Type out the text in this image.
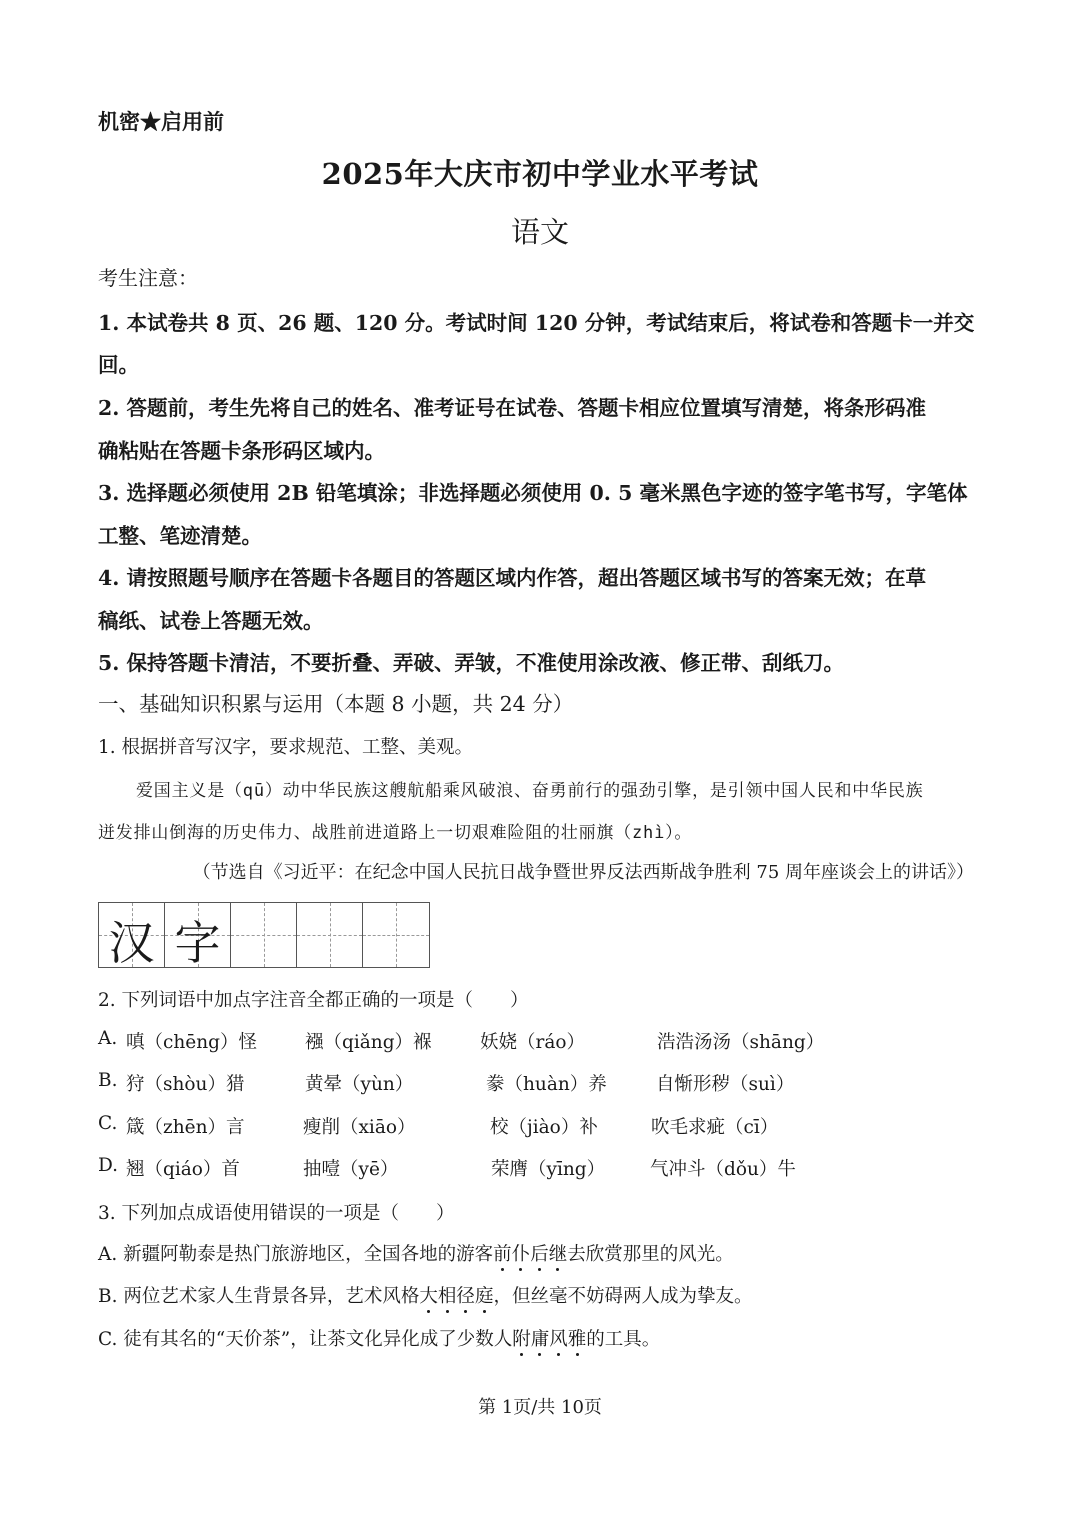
机密★启用前
2025年大庆市初中学业水平考试
语文
考生注意：
1. 本试卷共 8 页、26 题、120 分。考试时间 120 分钟，考试结束后，将试卷和答题卡一并交
回。
2. 答题前，考生先将自己的姓名、准考证号在试卷、答题卡相应位置填写清楚，将条形码准
确粘贴在答题卡条形码区域内。
3. 选择题必须使用 2B 铅笔填涂；非选择题必须使用 0. 5 毫米黑色字迹的签字笔书写，字笔体
工整、笔迹清楚。
4. 请按照题号顺序在答题卡各题目的答题区域内作答，超出答题区域书写的答案无效；在草
稿纸、试卷上答题无效。
5. 保持答题卡清洁，不要折叠、弄破、弄皱，不准使用涂改液、修正带、刮纸刀。
一、基础知识积累与运用（本题 8 小题，共 24 分）
1. 根据拼音写汉字，要求规范、工整、美观。
爱国主义是（qū）动中华民族这艘航船乘风破浪、奋勇前行的强劲引擎，是引领中国人民和中华民族
迸发排山倒海的历史伟力、战胜前进道路上一切艰难险阻的壮丽旗（zhì）。
（节选自《习近平：在纪念中国人民抗日战争暨世界反法西斯战争胜利 75 周年座谈会上的讲话》）
汉 字
2. 下列词语中加点字注音全都正确的一项是（　　）
A. 嗔（chēng）怪	襁（qiǎng）褓	妖娆（ráo）	浩浩汤汤（shāng）
B. 狩（shòu）猎	黄晕（yùn）	豢（huàn）养	自惭形秽（suì）
C. 箴（zhēn）言	瘦削（xiāo）	校（jiào）补	吹毛求疵（cī）
D. 翘（qiáo）首	抽噎（yē）	荣膺（yīng） 气冲斗（dǒu）牛
3. 下列加点成语使用错误的一项是（　　）
A. 新疆阿勒泰是热门旅游地区，全国各地的游客前仆后继去欣赏那里的风光。
B. 两位艺术家人生背景各异，艺术风格大相径庭，但丝毫不妨碍两人成为挚友。
C. 徒有其名的“天价茶”，让茶文化异化成了少数人附庸风雅的工具。
第 1页/共 10页
